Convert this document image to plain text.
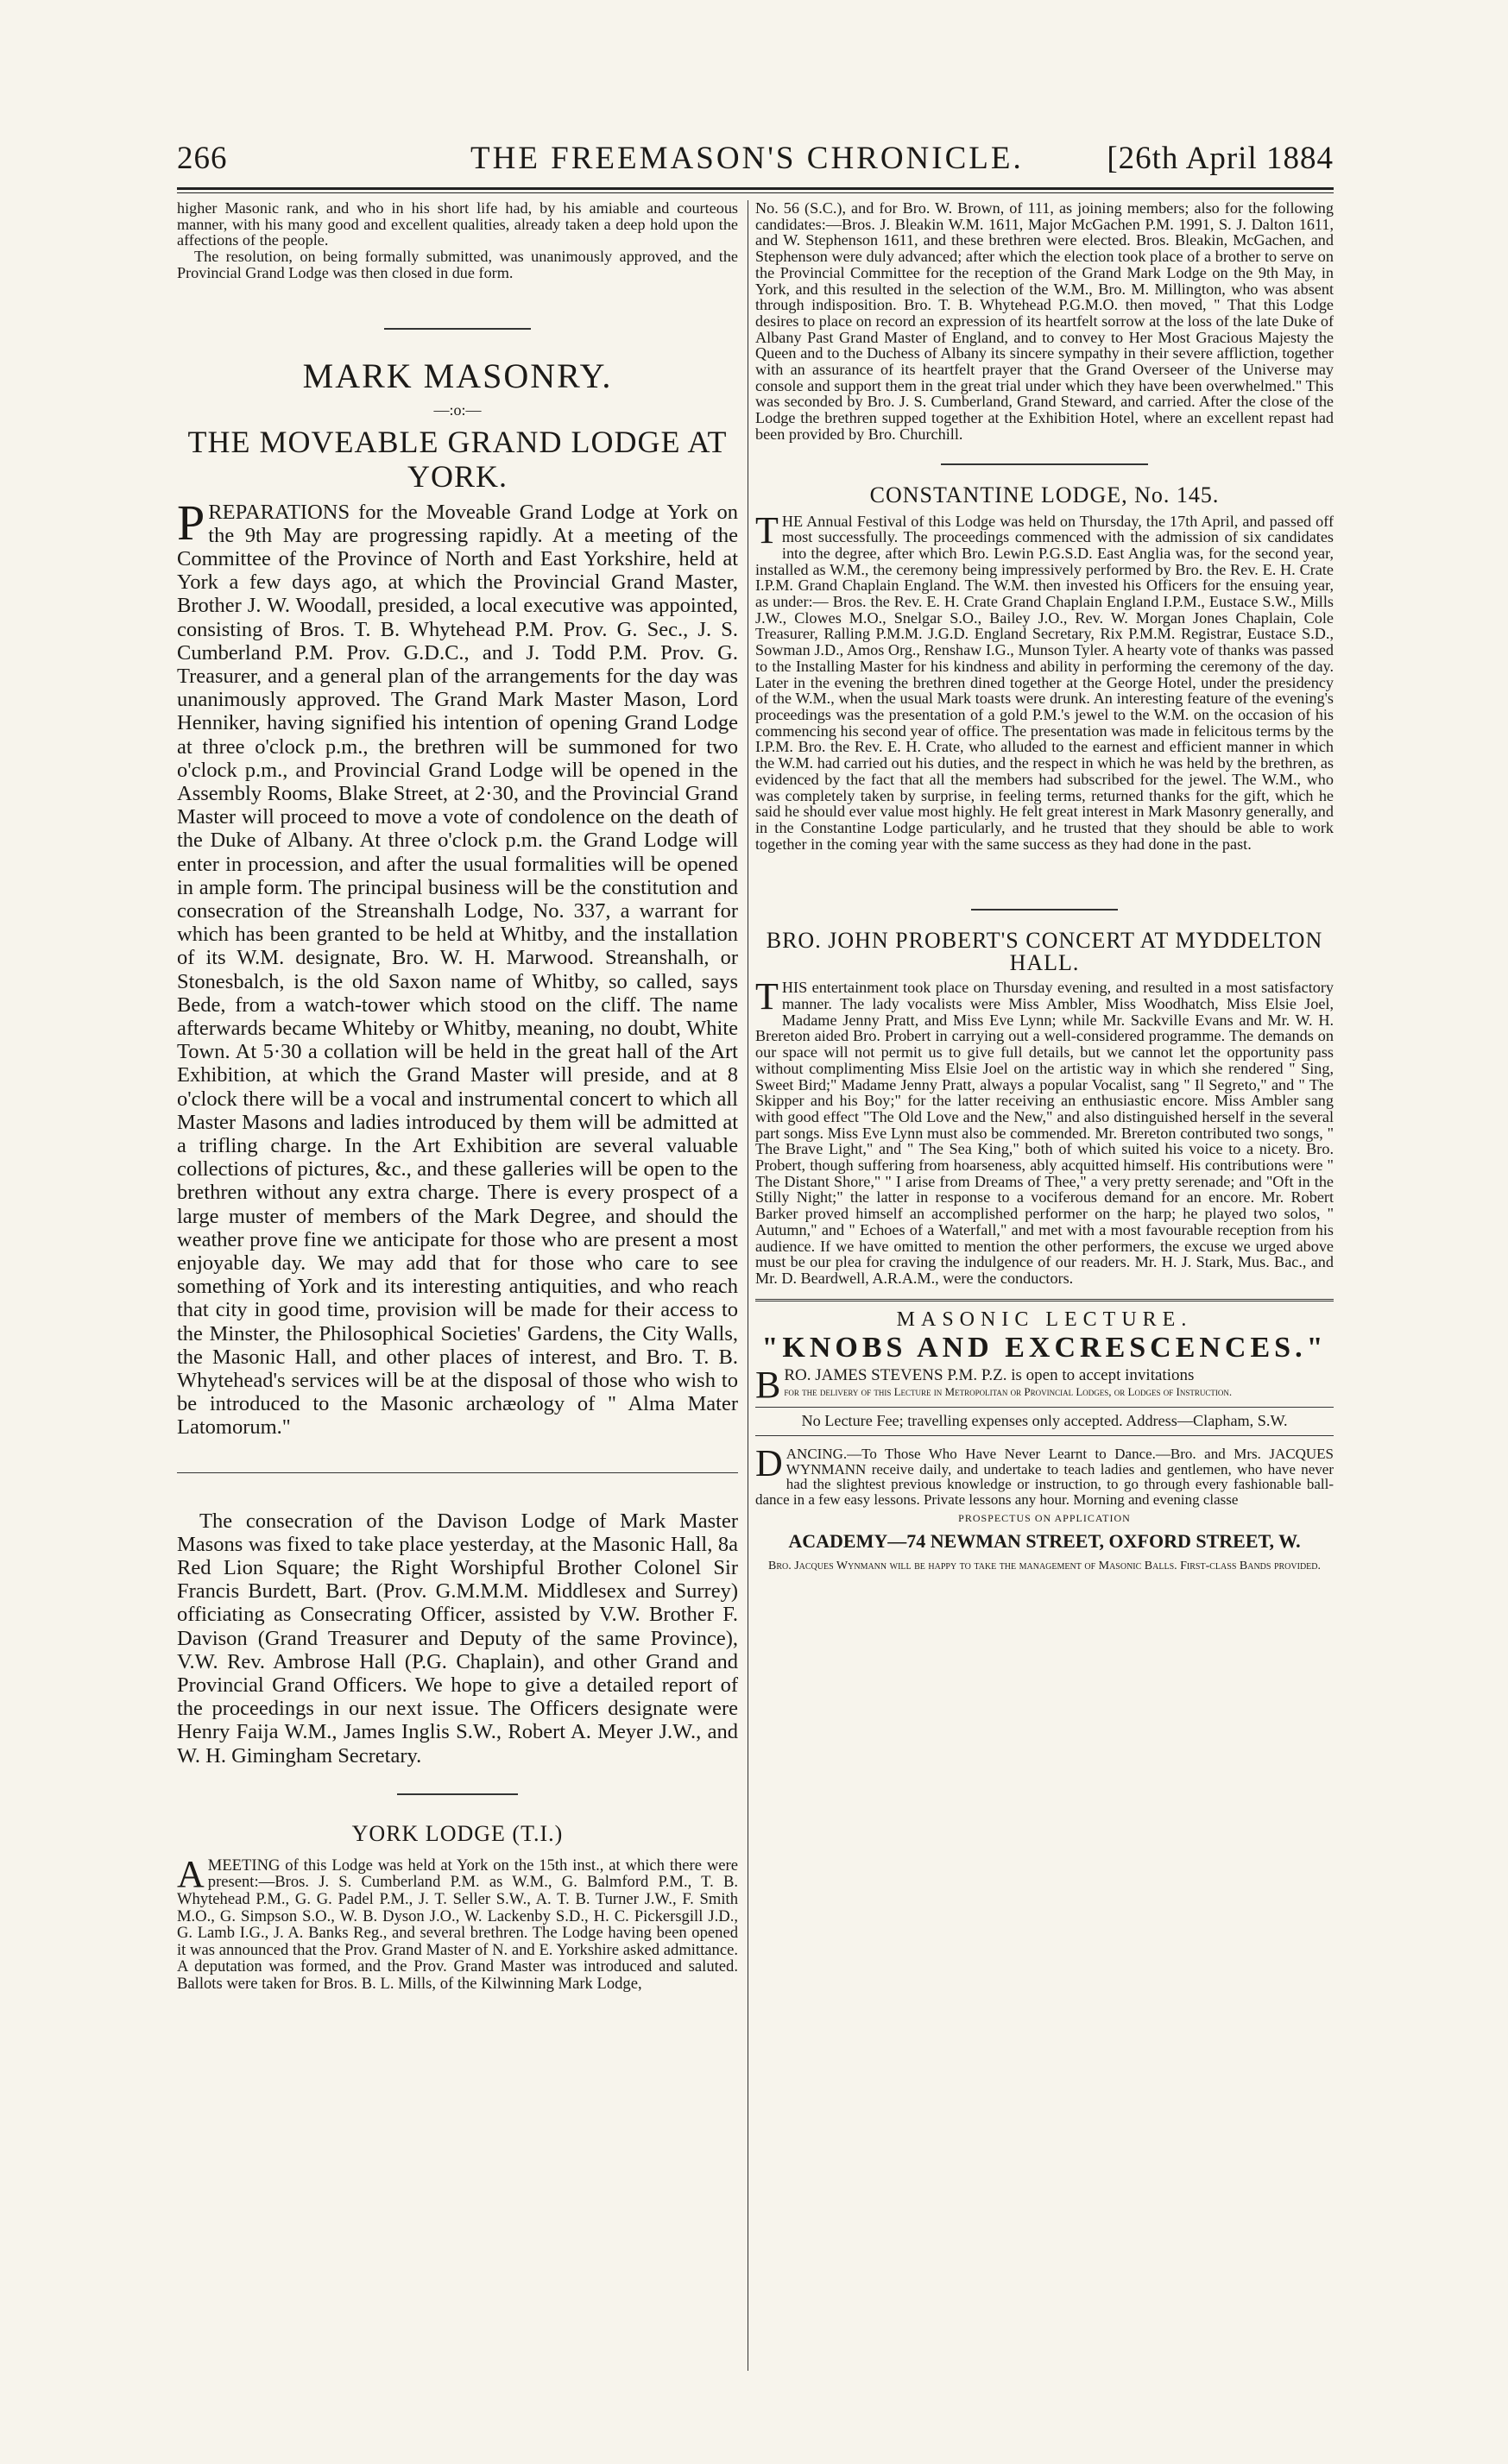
266	THE FREEMASON'S CHRONICLE.	[26th April 1884

higher Masonic rank, and who in his short life had, by his amiable and courteous manner, with his many good and excellent qualities, already taken a deep hold upon the affections of the people.

The resolution, on being formally submitted, was unanimously approved, and the Provincial Grand Lodge was then closed in due form.

MARK MASONRY.

—:o:—

THE MOVEABLE GRAND LODGE AT YORK.

PREPARATIONS for the Moveable Grand Lodge at York on the 9th May are progressing rapidly. At a meeting of the Committee of the Province of North and East Yorkshire, held at York a few days ago, at which the Provincial Grand Master, Brother J. W. Woodall, presided, a local executive was appointed, consisting of Bros. T. B. Whytehead P.M. Prov. G. Sec., J. S. Cumberland P.M. Prov. G.D.C., and J. Todd P.M. Prov. G. Treasurer, and a general plan of the arrangements for the day was unanimously approved. The Grand Mark Master Mason, Lord Henniker, having signified his intention of opening Grand Lodge at three o'clock p.m., the brethren will be summoned for two o'clock p.m., and Provincial Grand Lodge will be opened in the Assembly Rooms, Blake Street, at 2·30, and the Provincial Grand Master will proceed to move a vote of condolence on the death of the Duke of Albany. At three o'clock p.m. the Grand Lodge will enter in procession, and after the usual formalities will be opened in ample form. The principal business will be the constitution and consecration of the Streanshalh Lodge, No. 337, a warrant for which has been granted to be held at Whitby, and the installation of its W.M. designate, Bro. W. H. Marwood. Streanshalh, or Stonesbalch, is the old Saxon name of Whitby, so called, says Bede, from a watch-tower which stood on the cliff. The name afterwards became Whiteby or Whitby, meaning, no doubt, White Town. At 5·30 a collation will be held in the great hall of the Art Exhibition, at which the Grand Master will preside, and at 8 o'clock there will be a vocal and instrumental concert to which all Master Masons and ladies introduced by them will be admitted at a trifling charge. In the Art Exhibition are several valuable collections of pictures, &c., and these galleries will be open to the brethren without any extra charge. There is every prospect of a large muster of members of the Mark Degree, and should the weather prove fine we anticipate for those who are present a most enjoyable day. We may add that for those who care to see something of York and its interesting antiquities, and who reach that city in good time, provision will be made for their access to the Minster, the Philosophical Societies' Gardens, the City Walls, the Masonic Hall, and other places of interest, and Bro. T. B. Whytehead's services will be at the disposal of those who wish to be introduced to the Masonic archæology of " Alma Mater Latomorum."

The consecration of the Davison Lodge of Mark Master Masons was fixed to take place yesterday, at the Masonic Hall, 8a Red Lion Square; the Right Worshipful Brother Colonel Sir Francis Burdett, Bart. (Prov. G.M.M.M. Middlesex and Surrey) officiating as Consecrating Officer, assisted by V.W. Brother F. Davison (Grand Treasurer and Deputy of the same Province), V.W. Rev. Ambrose Hall (P.G. Chaplain), and other Grand and Provincial Grand Officers. We hope to give a detailed report of the proceedings in our next issue. The Officers designate were Henry Faija W.M., James Inglis S.W., Robert A. Meyer J.W., and W. H. Gimingham Secretary.

YORK LODGE (T.I.)

AMEETING of this Lodge was held at York on the 15th inst., at which there were present:—Bros. J. S. Cumberland P.M. as W.M., G. Balmford P.M., T. B. Whytehead P.M., G. G. Padel P.M., J. T. Seller S.W., A. T. B. Turner J.W., F. Smith M.O., G. Simpson S.O., W. B. Dyson J.O., W. Lackenby S.D., H. C. Pickersgill J.D., G. Lamb I.G., J. A. Banks Reg., and several brethren. The Lodge having been opened it was announced that the Prov. Grand Master of N. and E. Yorkshire asked admittance. A deputation was formed, and the Prov. Grand Master was introduced and saluted. Ballots were taken for Bros. B. L. Mills, of the Kilwinning Mark Lodge,

No. 56 (S.C.), and for Bro. W. Brown, of 111, as joining members; also for the following candidates:—Bros. J. Bleakin W.M. 1611, Major McGachen P.M. 1991, S. J. Dalton 1611, and W. Stephenson 1611, and these brethren were elected. Bros. Bleakin, McGachen, and Stephenson were duly advanced; after which the election took place of a brother to serve on the Provincial Committee for the reception of the Grand Mark Lodge on the 9th May, in York, and this resulted in the selection of the W.M., Bro. M. Millington, who was absent through indisposition. Bro. T. B. Whytehead P.G.M.O. then moved, " That this Lodge desires to place on record an expression of its heartfelt sorrow at the loss of the late Duke of Albany Past Grand Master of England, and to convey to Her Most Gracious Majesty the Queen and to the Duchess of Albany its sincere sympathy in their severe affliction, together with an assurance of its heartfelt prayer that the Grand Overseer of the Universe may console and support them in the great trial under which they have been overwhelmed." This was seconded by Bro. J. S. Cumberland, Grand Steward, and carried. After the close of the Lodge the brethren supped together at the Exhibition Hotel, where an excellent repast had been provided by Bro. Churchill.

CONSTANTINE LODGE, No. 145.

THE Annual Festival of this Lodge was held on Thursday, the 17th April, and passed off most successfully. The proceedings commenced with the admission of six candidates into the degree, after which Bro. Lewin P.G.S.D. East Anglia was, for the second year, installed as W.M., the ceremony being impressively performed by Bro. the Rev. E. H. Crate I.P.M. Grand Chaplain England. The W.M. then invested his Officers for the ensuing year, as under:— Bros. the Rev. E. H. Crate Grand Chaplain England I.P.M., Eustace S.W., Mills J.W., Clowes M.O., Snelgar S.O., Bailey J.O., Rev. W. Morgan Jones Chaplain, Cole Treasurer, Ralling P.M.M. J.G.D. England Secretary, Rix P.M.M. Registrar, Eustace S.D., Sowman J.D., Amos Org., Renshaw I.G., Munson Tyler. A hearty vote of thanks was passed to the Installing Master for his kindness and ability in performing the ceremony of the day. Later in the evening the brethren dined together at the George Hotel, under the presidency of the W.M., when the usual Mark toasts were drunk. An interesting feature of the evening's proceedings was the presentation of a gold P.M.'s jewel to the W.M. on the occasion of his commencing his second year of office. The presentation was made in felicitous terms by the I.P.M. Bro. the Rev. E. H. Crate, who alluded to the earnest and efficient manner in which the W.M. had carried out his duties, and the respect in which he was held by the brethren, as evidenced by the fact that all the members had subscribed for the jewel. The W.M., who was completely taken by surprise, in feeling terms, returned thanks for the gift, which he said he should ever value most highly. He felt great interest in Mark Masonry generally, and in the Constantine Lodge particularly, and he trusted that they should be able to work together in the coming year with the same success as they had done in the past.

BRO. JOHN PROBERT'S CONCERT AT MYDDELTON HALL.

THIS entertainment took place on Thursday evening, and resulted in a most satisfactory manner. The lady vocalists were Miss Ambler, Miss Woodhatch, Miss Elsie Joel, Madame Jenny Pratt, and Miss Eve Lynn; while Mr. Sackville Evans and Mr. W. H. Brereton aided Bro. Probert in carrying out a well-considered programme. The demands on our space will not permit us to give full details, but we cannot let the opportunity pass without complimenting Miss Elsie Joel on the artistic way in which she rendered " Sing, Sweet Bird;" Madame Jenny Pratt, always a popular Vocalist, sang " Il Segreto," and " The Skipper and his Boy;" for the latter receiving an enthusiastic encore. Miss Ambler sang with good effect "The Old Love and the New," and also distinguished herself in the several part songs. Miss Eve Lynn must also be commended. Mr. Brereton contributed two songs, " The Brave Light," and " The Sea King," both of which suited his voice to a nicety. Bro. Probert, though suffering from hoarseness, ably acquitted himself. His contributions were " The Distant Shore," " I arise from Dreams of Thee," a very pretty serenade; and "Oft in the Stilly Night;" the latter in response to a vociferous demand for an encore. Mr. Robert Barker proved himself an accomplished performer on the harp; he played two solos, " Autumn," and " Echoes of a Waterfall," and met with a most favourable reception from his audience. If we have omitted to mention the other performers, the excuse we urged above must be our plea for craving the indulgence of our readers. Mr. H. J. Stark, Mus. Bac., and Mr. D. Beardwell, A.R.A.M., were the conductors.

MASONIC LECTURE.

"KNOBS AND EXCRESCENCES."

BRO. JAMES STEVENS P.M. P.Z. is open to accept invitations
for the delivery of this Lecture in Metropolitan or Provincial Lodges, or Lodges of Instruction.

No Lecture Fee; travelling expenses only accepted. Address—Clapham, S.W.

DANCING.—To Those Who Have Never Learnt to Dance.—Bro. and Mrs. JACQUES WYNMANN receive daily, and undertake to teach ladies and gentlemen, who have never had the slightest previous knowledge or instruction, to go through every fashionable ball-dance in a few easy lessons. Private lessons any hour. Morning and evening classe

PROSPECTUS ON APPLICATION

ACADEMY—74 NEWMAN STREET, OXFORD STREET, W.

Bro. Jacques Wynmann will be happy to take the management of Masonic Balls. First-class Bands provided.
